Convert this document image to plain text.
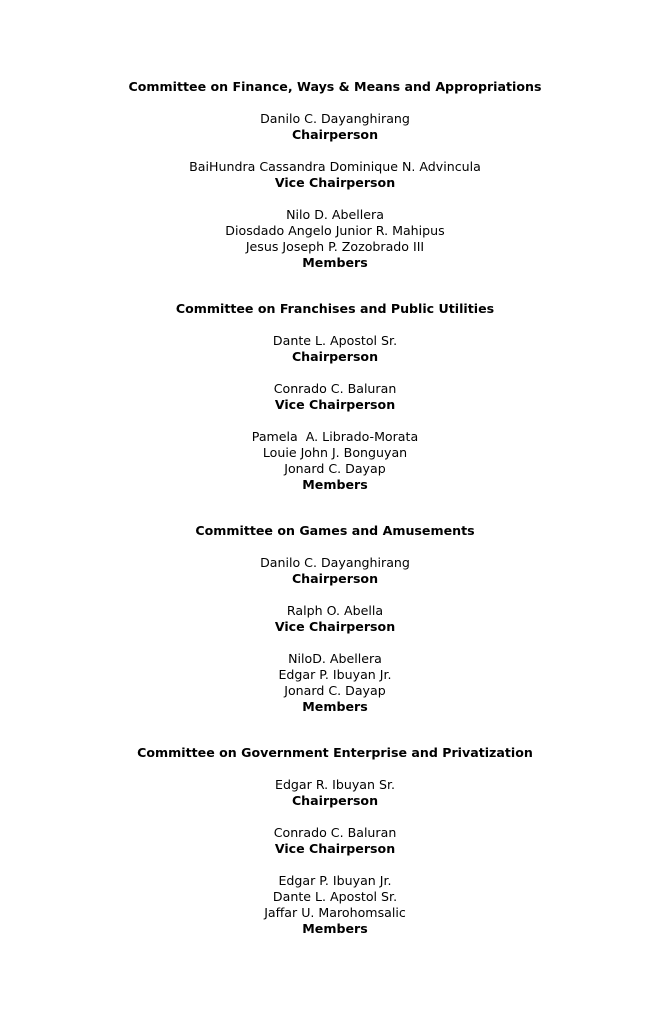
Committee on Finance, Ways & Means and Appropriations
Danilo C. Dayanghirang
Chairperson
BaiHundra Cassandra Dominique N. Advincula
Vice Chairperson
Nilo D. Abellera
Diosdado Angelo Junior R. Mahipus
Jesus Joseph P. Zozobrado III
Members
Committee on Franchises and Public Utilities
Dante L. Apostol Sr.
Chairperson
Conrado C. Baluran
Vice Chairperson
Pamela  A. Librado-Morata
Louie John J. Bonguyan
Jonard C. Dayap
Members
Committee on Games and Amusements
Danilo C. Dayanghirang
Chairperson
Ralph O. Abella
Vice Chairperson
NiloD. Abellera
Edgar P. Ibuyan Jr.
Jonard C. Dayap
Members
Committee on Government Enterprise and Privatization
Edgar R. Ibuyan Sr.
Chairperson
Conrado C. Baluran
Vice Chairperson
Edgar P. Ibuyan Jr.
Dante L. Apostol Sr.
Jaffar U. Marohomsalic
Members
